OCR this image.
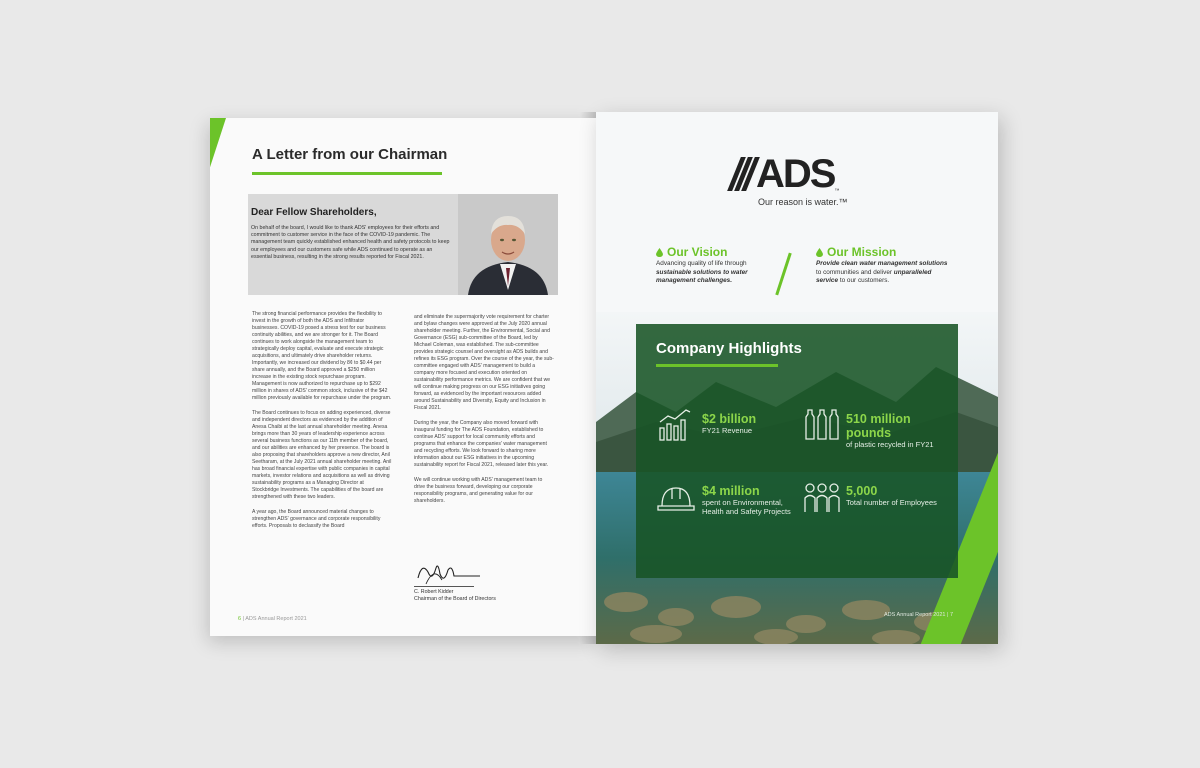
A Letter from our Chairman
Dear Fellow Shareholders,
On behalf of the board, I would like to thank ADS' employees for their efforts and commitment to customer service in the face of the COVID-19 pandemic. The management team quickly established enhanced health and safety protocols to keep our employees and our customers safe while ADS continued to operate as an essential business, resulting in the strong results reported for Fiscal 2021.

The strong financial performance provides the flexibility to invest in the growth of both the ADS and Infiltrator businesses. COVID-19 posed a stress test for our business continuity abilities, and we are stronger for it. The Board continues to work alongside the management team to strategically deploy capital, evaluate and execute strategic acquisitions, and ultimately drive shareholder returns. Importantly, we increased our dividend by 8¢ to $0.44 per share annually, and the Board approved a $250 million increase in the existing stock repurchase program. Management is now authorized to repurchase up to $292 million in shares of ADS' common stock, inclusive of the $42 million previously available for repurchase under the program.

The Board continues to focus on adding experienced, diverse and independent directors as evidenced by the addition of Anesa Chaibi at the last annual shareholder meeting. Anesa brings more than 30 years of leadership experience across several business functions as our 11th member of the board, and our abilities are enhanced by her presence. The board is also proposing that shareholders approve a new director, Anil Seetharam, at the July 2021 annual shareholder meeting. Anil has broad financial expertise with public companies in capital markets, investor relations and acquisitions as well as driving sustainability programs as a Managing Director at Stockbridge Investments. The capabilities of the board are strengthened with these two leaders.

A year ago, the Board announced material changes to strengthen ADS' governance and corporate responsibility efforts. Proposals to declassify the Board

and eliminate the supermajority vote requirement for charter and bylaw changes were approved at the July 2020 annual shareholder meeting. Further, the Environmental, Social and Governance (ESG) sub-committee of the Board, led by Michael Coleman, was established. The sub-committee provides strategic counsel and oversight as ADS builds and refines its ESG program. Over the course of the year, the sub-committee engaged with ADS' management to build a company more focused and execution oriented on sustainability performance metrics. We are confident that we will continue making progress on our ESG initiatives going forward, as evidenced by the important resources added around Sustainability and Diversity, Equity and Inclusion in Fiscal 2021.

During the year, the Company also moved forward with inaugural funding for The ADS Foundation, established to continue ADS' support for local community efforts and programs that enhance the companies' water management and recycling efforts. We look forward to sharing more information about our ESG initiatives in the upcoming sustainability report for Fiscal 2021, released later this year.

We will continue working with ADS' management team to drive the business forward, developing our corporate responsibility programs, and generating value for our shareholders.

C. Robert Kidder
Chairman of the Board of Directors
6 | ADS Annual Report 2021
ADS ™
Our reason is water.™
Our Vision
Advancing quality of life through sustainable solutions to water management challenges.
Our Mission
Provide clean water management solutions to communities and deliver unparalleled service to our customers.
Company Highlights
$2 billion
FY21 Revenue
510 million pounds
of plastic recycled in FY21
$4 million
spent on Environmental, Health and Safety Projects
5,000
Total number of Employees
ADS Annual Report 2021 | 7
